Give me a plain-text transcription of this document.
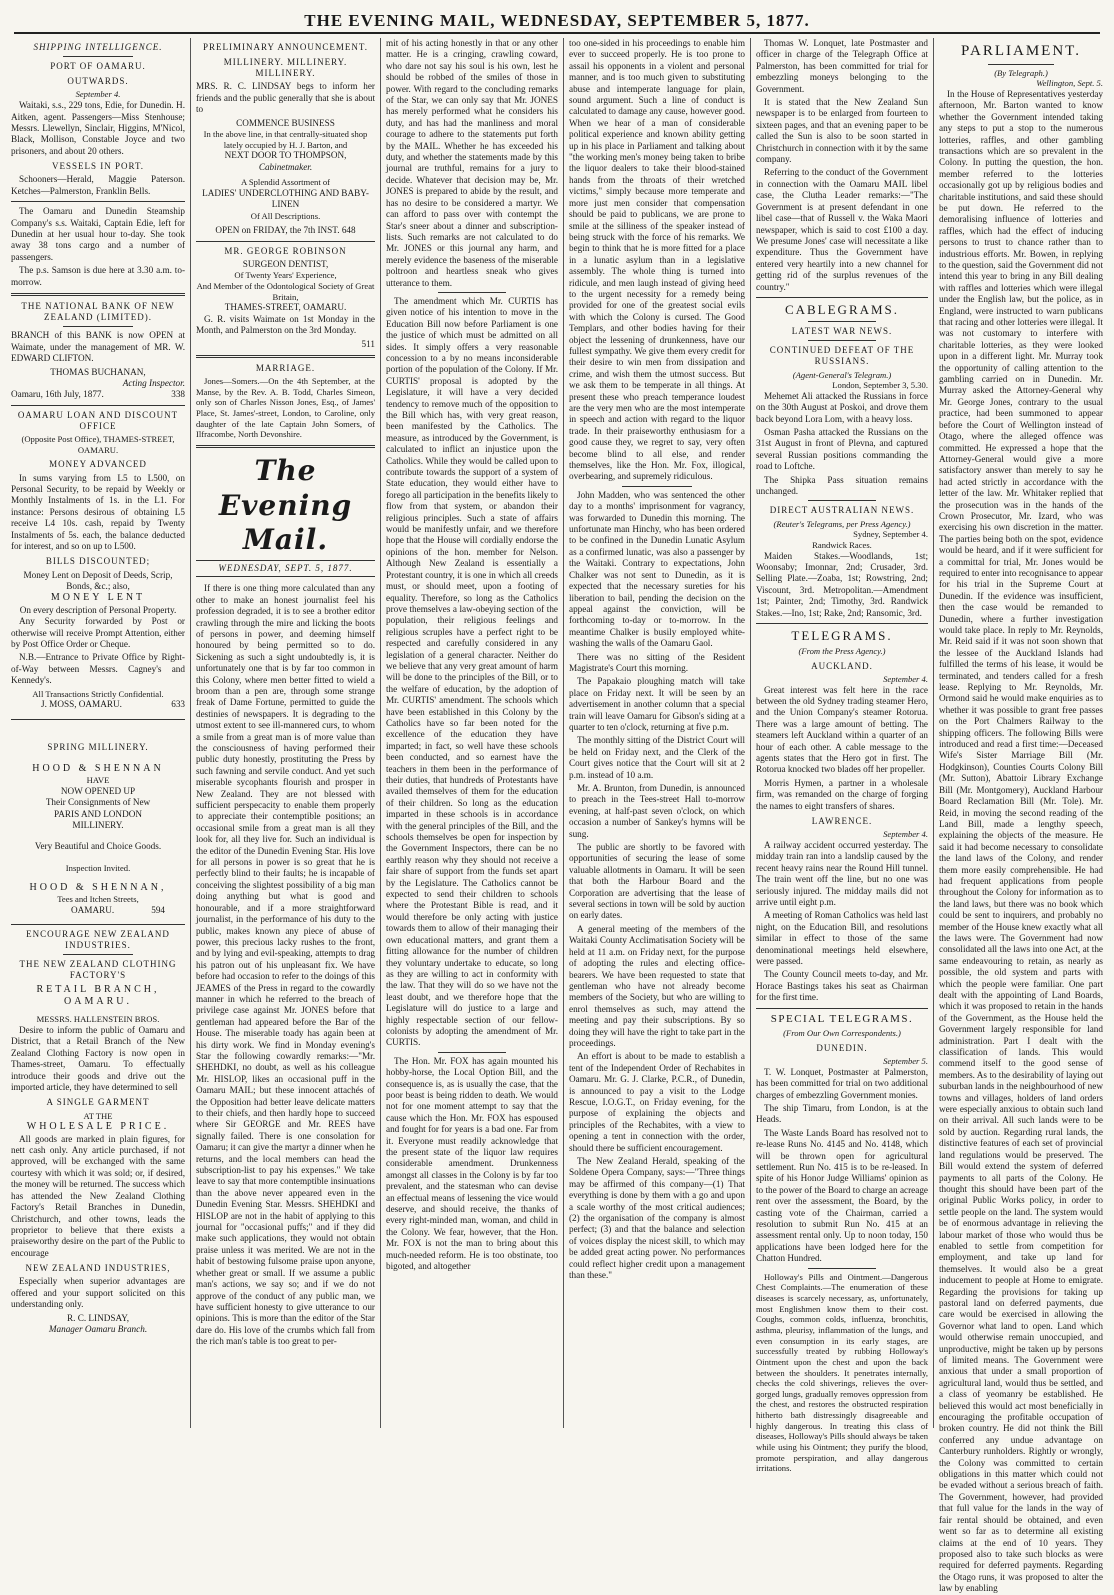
THE EVENING MAIL, WEDNESDAY, SEPTEMBER 5, 1877.
SHIPPING INTELLIGENCE.
PORT OF OAMARU.
OUTWARDS.
September 4.

Waitaki, s.s., 229 tons, Edie, for Dunedin. H. Aitken, agent. Passengers—Miss Stenhouse; Messrs. Llewellyn, Sinclair, Higgins, M'Nicol, Black, Mollison, Constable Joyce and two prisoners, and about 20 others.

VESSELS IN PORT.

Schooners—Herald, Maggie Paterson. Ketches—Palmerston, Franklin Bells.

The Oamaru and Dunedin Steamship Company's s.s. Waitaki, Captain Edie, left for Dunedin at her usual hour to-day. She took away 38 tons cargo and a number of passengers.

The p.s. Samson is due here at 3.30 a.m. to-morrow.

THE NATIONAL BANK OF NEW ZEALAND (LIMITED).

BRANCH of this BANK is now OPEN at Waimate, under the management of MR. W. EDWARD CLIFTON.

THOMAS BUCHANAN,
Acting Inspector.
Oamaru, 16th July, 1877.	338
OAMARU LOAN AND DISCOUNT OFFICE
(Opposite Post Office), THAMES-STREET, OAMARU.
MONEY ADVANCED

In sums varying from L5 to L500, on Personal Security, to be repaid by Weekly or Monthly Instalments of 1s. in the L1. For instance: Persons desirous of obtaining L5 receive L4 10s. cash, repaid by Twenty Instalments of 5s. each, the balance deducted for interest, and so on up to L500.

BILLS DISCOUNTED;
Money Lent on Deposit of Deeds, Scrip, Bonds, &c.; also,
MONEY LENT
On every description of Personal Property.

Any Security forwarded by Post or otherwise will receive Prompt Attention, either by Post Office Order or Cheque.

N.B.—Entrance to Private Office by Right-of-Way between Messrs. Cagney's and Kennedy's.

All Transactions Strictly Confidential.
J. MOSS, OAMARU.	633
SPRING MILLINERY.
HOOD & SHENNAN
HAVE
NOW OPENED UP
Their Consignments of New
PARIS AND LONDON
MILLINERY.
Very Beautiful and Choice Goods.
Inspection Invited.
HOOD & SHENNAN,
Tees and Itchen Streets,
OAMARU.	594
ENCOURAGE NEW ZEALAND INDUSTRIES.
THE NEW ZEALAND CLOTHING FACTORY'S
RETAIL BRANCH,
OAMARU.
MESSRS. HALLENSTEIN BROS.

Desire to inform the public of Oamaru and District, that a Retail Branch of the New Zealand Clothing Factory is now open in Thames-street, Oamaru. To effectually introduce their goods and drive out the imported article, they have determined to sell

A SINGLE GARMENT
AT THE
WHOLESALE PRICE.

All goods are marked in plain figures, for nett cash only. Any article purchased, if not approved, will be exchanged with the same courtesy with which it was sold; or, if desired, the money will be returned. The success which has attended the New Zealand Clothing Factory's Retail Branches in Dunedin, Christchurch, and other towns, leads the proprietor to believe that there exists a praiseworthy desire on the part of the Public to encourage

NEW ZEALAND INDUSTRIES,

Especially when superior advantages are offered and your support solicited on this understanding only.

R. C. LINDSAY,
Manager Oamaru Branch.
PRELIMINARY ANNOUNCEMENT.
MILLINERY. MILLINERY. MILLINERY.

MRS. R. C. LINDSAY begs to inform her friends and the public generally that she is about to

COMMENCE BUSINESS
In the above line, in that centrally-situated shop lately occupied by H. J. Barton, and
NEXT DOOR TO THOMPSON,
Cabinetmaker.
A Splendid Assortment of
LADIES' UNDERCLOTHING AND BABY-LINEN
Of All Descriptions.
OPEN on FRIDAY, the 7th INST. 648
MR. GEORGE ROBINSON
SURGEON DENTIST,
Of Twenty Years' Experience,
And Member of the Odontological Society of Great Britain,
THAMES-STREET, OAMARU.

G. R. visits Waimate on 1st Monday in the Month, and Palmerston on the 3rd Monday.

511
MARRIAGE.

Jones—Somers.—On the 4th September, at the Manse, by the Rev. A. B. Todd, Charles Simeon, only son of Charles Nisson Jones, Esq., of James' Place, St. James'-street, London, to Caroline, only daughter of the late Captain John Somers, of Ilfracombe, North Devonshire.

The Evening Mail.
WEDNESDAY, SEPT. 5, 1877.

If there is one thing more calculated than any other to make an honest journalist feel his profession degraded, it is to see a brother editor crawling through the mire and licking the boots of persons in power, and deeming himself honoured by being permitted so to do. Sickening as such a sight undoubtedly is, it is unfortunately one that is by far too common in this Colony, where men better fitted to wield a broom than a pen are, through some strange freak of Dame Fortune, permitted to guide the destinies of newspapers. It is degrading to the utmost extent to see ill-mannered curs, to whom a smile from a great man is of more value than the consciousness of having performed their public duty honestly, prostituting the Press by such fawning and servile conduct. And yet such miserable sycophants flourish and prosper in New Zealand. They are not blessed with sufficient perspecacity to enable them properly to appreciate their contemptible positions; an occasional smile from a great man is all they look for, all they live for. Such an individual is the editor of the Dunedin Evening Star. His love for all persons in power is so great that he is perfectly blind to their faults; he is incapable of conceiving the slightest possibility of a big man doing anything but what is good and honourable, and if a more straightforward journalist, in the performance of his duty to the public, makes known any piece of abuse of power, this precious lacky rushes to the front, and by lying and evil-speaking, attempts to drag his patron out of his unpleasant fix. We have before had occasion to refer to the doings of this JEAMES of the Press in regard to the cowardly manner in which he referred to the breach of privilege case against Mr. JONES before that gentleman had appeared before the Bar of the House. The miserable toady has again been at his dirty work. We find in Monday evening's Star the following cowardly remarks:—"Mr. SHEHDKI, no doubt, as well as his colleague Mr. HISLOP, likes an occasional puff in the Oamaru MAIL; but these innocent attachés of the Opposition had better leave delicate matters to their chiefs, and then hardly hope to succeed where Sir GEORGE and Mr. REES have signally failed. There is one consolation for Oamaru; it can give the martyr a dinner when he returns, and the local members can head the subscription-list to pay his expenses." We take leave to say that more contemptible insinuations than the above never appeared even in the Dunedin Evening Star. Messrs. SHEHDKI and HISLOP are not in the habit of applying to this journal for "occasional puffs;" and if they did make such applications, they would not obtain praise unless it was merited. We are not in the habit of bestowing fulsome praise upon anyone, whether great or small. If we assume a public man's actions, we say so; and if we do not approve of the conduct of any public man, we have sufficient honesty to give utterance to our opinions. This is more than the editor of the Star dare do. His love of the crumbs which fall from the rich man's table is too great to per-

mit of his acting honestly in that or any other matter. He is a cringing, crawling coward, who dare not say his soul is his own, lest he should be robbed of the smiles of those in power. With regard to the concluding remarks of the Star, we can only say that Mr. JONES has merely performed what he considers his duty, and has had the manliness and moral courage to adhere to the statements put forth by the MAIL. Whether he has exceeded his duty, and whether the statements made by this journal are truthful, remains for a jury to decide. Whatever that decision may be, Mr. JONES is prepared to abide by the result, and has no desire to be considered a martyr. We can afford to pass over with contempt the Star's sneer about a dinner and subscription-lists. Such remarks are not calculated to do Mr. JONES or this journal any harm, and merely evidence the baseness of the miserable poltroon and heartless sneak who gives utterance to them.

The amendment which Mr. CURTIS has given notice of his intention to move in the Education Bill now before Parliament is one the justice of which must be admitted on all sides. It simply offers a very reasonable concession to a by no means inconsiderable portion of the population of the Colony. If Mr. CURTIS' proposal is adopted by the Legislature, it will have a very decided tendency to remove much of the opposition to the Bill which has, with very great reason, been manifested by the Catholics. The measure, as introduced by the Government, is calculated to inflict an injustice upon the Catholics. While they would be called upon to contribute towards the support of a system of State education, they would either have to forego all participation in the benefits likely to flow from that system, or abandon their religious principles. Such a state of affairs would be manifestly unfair, and we therefore hope that the House will cordially endorse the opinions of the hon. member for Nelson. Although New Zealand is essentially a Protestant country, it is one in which all creeds must, or should meet, upon a footing of equality. Therefore, so long as the Catholics prove themselves a law-obeying section of the population, their religious feelings and religious scruples have a perfect right to be respected and carefully considered in any legislation of a general character. Neither do we believe that any very great amount of harm will be done to the principles of the Bill, or to the welfare of education, by the adoption of Mr. CURTIS' amendment. The schools which have been established in this Colony by the Catholics have so far been noted for the excellence of the education they have imparted; in fact, so well have these schools been conducted, and so earnest have the teachers in them been in the performance of their duties, that hundreds of Protestants have availed themselves of them for the education of their children. So long as the education imparted in these schools is in accordance with the general principles of the Bill, and the schools themselves be open for inspection by the Government Inspectors, there can be no earthly reason why they should not receive a fair share of support from the funds set apart by the Legislature. The Catholics cannot be expected to send their children to schools where the Protestant Bible is read, and it would therefore be only acting with justice towards them to allow of their managing their own educational matters, and grant them a fitting allowance for the number of children they voluntary undertake to educate, so long as they are willing to act in conformity with the law. That they will do so we have not the least doubt, and we therefore hope that the Legislature will do justice to a large and highly respectable section of our fellow-colonists by adopting the amendment of Mr. CURTIS.

The Hon. Mr. FOX has again mounted his hobby-horse, the Local Option Bill, and the consequence is, as is usually the case, that the poor beast is being ridden to death. We would not for one moment attempt to say that the cause which the Hon. Mr. FOX has espoused and fought for for years is a bad one. Far from it. Everyone must readily acknowledge that the present state of the liquor law requires considerable amendment. Drunkenness amongst all classes in the Colony is by far too prevalent, and the statesman who can devise an effectual means of lessening the vice would deserve, and should receive, the thanks of every right-minded man, woman, and child in the Colony. We fear, however, that the Hon. Mr. FOX is not the man to bring about this much-needed reform. He is too obstinate, too bigoted, and altogether

too one-sided in his proceedings to enable him ever to succeed properly. He is too prone to assail his opponents in a violent and personal manner, and is too much given to substituting abuse and intemperate language for plain, sound argument. Such a line of conduct is calculated to damage any cause, however good. When we hear of a man of considerable political experience and known ability getting up in his place in Parliament and talking about "the working men's money being taken to bribe the liquor dealers to take their blood-stained hands from the throats of their wretched victims," simply because more temperate and more just men consider that compensation should be paid to publicans, we are prone to smile at the silliness of the speaker instead of being struck with the force of his remarks. We begin to think that he is more fitted for a place in a lunatic asylum than in a legislative assembly. The whole thing is turned into ridicule, and men laugh instead of giving heed to the urgent necessity for a remedy being provided for one of the greatest social evils with which the Colony is cursed. The Good Templars, and other bodies having for their object the lessening of drunkenness, have our fullest sympathy. We give them every credit for their desire to win men from dissipation and crime, and wish them the utmost success. But we ask them to be temperate in all things. At present these who preach temperance loudest are the very men who are the most intemperate in speech and action with regard to the liquor trade. In their praiseworthy enthusiasm for a good cause they, we regret to say, very often become blind to all else, and render themselves, like the Hon. Mr. Fox, illogical, overbearing, and supremely ridiculous.

John Madden, who was sentenced the other day to a months' imprisonment for vagrancy, was forwarded to Dunedin this morning. The unfortunate man Hinchy, who has been ordered to be confined in the Dunedin Lunatic Asylum as a confirmed lunatic, was also a passenger by the Waitaki. Contrary to expectations, John Chalker was not sent to Dunedin, as it is expected that the necessary sureties for his liberation to bail, pending the decision on the appeal against the conviction, will be forthcoming to-day or to-morrow. In the meantime Chalker is busily employed white-washing the walls of the Oamaru Gaol.

There was no sitting of the Resident Magistrate's Court this morning.

The Papakaio ploughing match will take place on Friday next. It will be seen by an advertisement in another column that a special train will leave Oamaru for Gibson's siding at a quarter to ten o'clock, returning at five p.m.

The monthly sitting of the District Court will be held on Friday next, and the Clerk of the Court gives notice that the Court will sit at 2 p.m. instead of 10 a.m.

Mr. A. Brunton, from Dunedin, is announced to preach in the Tees-street Hall to-morrow evening, at half-past seven o'clock, on which occasion a number of Sankey's hymns will be sung.

The public are shortly to be favored with opportunities of securing the lease of some valuable allotments in Oamaru. It will be seen that both the Harbour Board and the Corporation are advertising that the lease of several sections in town will be sold by auction on early dates.

A general meeting of the members of the Waitaki County Acclimatisation Society will be held at 11 a.m. on Friday next, for the purpose of adopting the rules and electing office-bearers. We have been requested to state that gentleman who have not already become members of the Society, but who are willing to enrol themselves as such, may attend the meeting and pay their subscriptions. By so doing they will have the right to take part in the proceedings.

An effort is about to be made to establish a tent of the Independent Order of Rechabites in Oamaru. Mr. G. J. Clarke, P.C.R., of Dunedin, is announced to pay a visit to the Lodge Rescue, I.O.G.T., on Friday evening, for the purpose of explaining the objects and principles of the Rechabites, with a view to opening a tent in connection with the order, should there be sufficient encouragement.

The New Zealand Herald, speaking of the Soldene Opera Company, says:—"Three things may be affirmed of this company—(1) That everything is done by them with a go and upon a scale worthy of the most critical audiences; (2) the organisation of the company is almost perfect; (3) and that the balance and selection of voices display the nicest skill, to which may be added great acting power. No performances could reflect higher credit upon a management than these."

Thomas W. Lonquet, late Postmaster and officer in charge of the Telegraph Office at Palmerston, has been committed for trial for embezzling moneys belonging to the Government.

It is stated that the New Zealand Sun newspaper is to be enlarged from fourteen to sixteen pages, and that an evening paper to be called the Sun is also to be soon started in Christchurch in connection with it by the same company.

Referring to the conduct of the Government in connection with the Oamaru MAIL libel case, the Clutha Leader remarks:—"The Government is at present defendant in one libel case—that of Russell v. the Waka Maori newspaper, which is said to cost £100 a day. We presume Jones' case will necessitate a like expenditure. Thus the Government have entered very heartily into a new channel for getting rid of the surplus revenues of the country."

CABLEGRAMS.
LATEST WAR NEWS.
CONTINUED DEFEAT OF THE RUSSIANS.
(Agent-General's Telegram.)
London, September 3, 5.30.

Mehemet Ali attacked the Russians in force on the 30th August at Poskoi, and drove them back beyond Lora Lom, with a heavy loss.

Osman Pasha attacked the Russians on the 31st August in front of Plevna, and captured several Russian positions commanding the road to Loftche.

The Shipka Pass situation remains unchanged.

DIRECT AUSTRALIAN NEWS.
(Reuter's Telegrams, per Press Agency.)
Sydney, September 4.
Randwick Races.

Maiden Stakes.—Woodlands, 1st; Woonsaby; Imonnar, 2nd; Crusader, 3rd. Selling Plate.—Zoaba, 1st; Rowstring, 2nd; Viscount, 3rd. Metropolitan.—Amendment 1st; Painter, 2nd; Timothy, 3rd. Randwick Stakes.—Ino, 1st; Rake, 2nd; Ransomic, 3rd.

TELEGRAMS.
(From the Press Agency.)
AUCKLAND.
September 4.

Great interest was felt here in the race between the old Sydney trading steamer Hero, and the Union Company's steamer Rotorua. There was a large amount of betting. The steamers left Auckland within a quarter of an hour of each other. A cable message to the agents states that the Hero got in first. The Rotorua knocked two blades off her propeller.

Morris Hymen, a partner in a wholesale firm, was remanded on the charge of forging the names to eight transfers of shares.

LAWRENCE.
September 4.

A railway accident occurred yesterday. The midday train ran into a landslip caused by the recent heavy rains near the Round Hill tunnel. The train went off the line, but no one was seriously injured. The midday mails did not arrive until eight p.m.

A meeting of Roman Catholics was held last night, on the Education Bill, and resolutions similar in effect to those of the same denominational meetings held elsewhere, were passed.

The County Council meets to-day, and Mr. Horace Bastings takes his seat as Chairman for the first time.

SPECIAL TELEGRAMS.
(From Our Own Correspondents.)
DUNEDIN.
September 5.

T. W. Lonquet, Postmaster at Palmerston, has been committed for trial on two additional charges of embezzling Government monies.

The ship Timaru, from London, is at the Heads.

The Waste Lands Board has resolved not to re-lease Runs No. 4145 and No. 4148, which will be thrown open for agricultural settlement. Run No. 415 is to be re-leased. In spite of his Honor Judge Williams' opinion as to the power of the Board to charge an acreage rent over the assessment, the Board, by the casting vote of the Chairman, carried a resolution to submit Run No. 415 at an assessment rental only. Up to noon today, 150 applications have been lodged here for the Chatton Hundred.

Holloway's Pills and Ointment.—Dangerous Chest Complaints.—The enumeration of these diseases is scarcely necessary, as, unfortunately, most Englishmen know them to their cost. Coughs, common colds, influenza, bronchitis, asthma, pleurisy, inflammation of the lungs, and even consumption in its early stages, are successfully treated by rubbing Holloway's Ointment upon the chest and upon the back between the shoulders. It penetrates internally, checks the cold shiverings, relieves the over-gorged lungs, gradually removes oppression from the chest, and restores the obstructed respiration hitherto bath distressingly disagreeable and highly dangerous. In treating this class of diseases, Holloway's Pills should always be taken while using his Ointment; they purify the blood, promote perspiration, and allay dangerous irritations.

PARLIAMENT.
(By Telegraph.)
Wellington, Sept. 5.

In the House of Representatives yesterday afternoon, Mr. Barton wanted to know whether the Government intended taking any steps to put a stop to the numerous lotteries, raffles, and other gambling transactions which are so prevalent in the Colony. In putting the question, the hon. member referred to the lotteries occasionally got up by religious bodies and charitable institutions, and said these should be put down. He referred to the demoralising influence of lotteries and raffles, which had the effect of inducing persons to trust to chance rather than to industrious efforts. Mr. Bowen, in replying to the question, said the Government did not intend this year to bring in any Bill dealing with raffles and lotteries which were illegal under the English law, but the police, as in England, were instructed to warn publicans that racing and other lotteries were illegal. It was not customary to interfere with charitable lotteries, as they were looked upon in a different light. Mr. Murray took the opportunity of calling attention to the gambling carried on in Dunedin. Mr. Murray asked the Attorney-General why Mr. George Jones, contrary to the usual practice, had been summoned to appear before the Court of Wellington instead of Otago, where the alleged offence was committed. He expressed a hope that the Attorney-General would give a more satisfactory answer than merely to say he had acted strictly in accordance with the letter of the law. Mr. Whitaker replied that the prosecution was in the hands of the Crown Prosecutor, Mr. Izard, who was exercising his own discretion in the matter. The parties being both on the spot, evidence would be heard, and if it were sufficient for a committal for trial, Mr. Jones would be required to enter into recognisance to appear for his trial in the Supreme Court at Dunedin. If the evidence was insufficient, then the case would be remanded to Dunedin, where a further investigation would take place. In reply to Mr. Reynolds, Mr. Reid said if it was not soon shown that the lessee of the Auckland Islands had fulfilled the terms of his lease, it would be terminated, and tenders called for a fresh lease. Replying to Mr. Reynolds, Mr. Ormond said he would make enquiries as to whether it was possible to grant free passes on the Port Chalmers Railway to the shipping officers. The following Bills were introduced and read a first time:—Deceased Wife's Sister Marriage Bill (Mr. Hodgkinson), Counties Courts Colony Bill (Mr. Sutton), Abattoir Library Exchange Bill (Mr. Montgomery), Auckland Harbour Board Reclamation Bill (Mr. Tole). Mr. Reid, in moving the second reading of the Land Bill, made a lengthy speech, explaining the objects of the measure. He said it had become necessary to consolidate the land laws of the Colony, and render them more easily comprehensible. He had had frequent applications from people throughout the Colony for information as to the land laws, but there was no book which could be sent to inquirers, and probably no member of the House knew exactly what all the laws were. The Government had now consolidated all the laws into one Act, at the same endeavouring to retain, as nearly as possible, the old system and parts with which the people were familiar. One part dealt with the appointing of Land Boards, which it was proposed to retain in the hands of the Government, as the House held the Government largely responsible for land administration. Part I dealt with the classification of lands. This would commend itself to the good sense of members. As to the desirability of laying out suburban lands in the neighbourhood of new towns and villages, holders of land orders were especially anxious to obtain such land on their arrival. All such lands were to be sold by auction. Regarding rural lands, the distinctive features of each set of provincial land regulations would be preserved. The Bill would extend the system of deferred payments to all parts of the Colony. He thought this should have been part of the original Public Works policy, in order to settle people on the land. The system would be of enormous advantage in relieving the labour market of those who would thus be enabled to settle from competition for employment, and take up land for themselves. It would also be a great inducement to people at Home to emigrate. Regarding the provisions for taking up pastoral land on deferred payments, due care would be exercised in allowing the Governor what land to open. Land which would otherwise remain unoccupied, and unproductive, might be taken up by persons of limited means. The Government were anxious that under a small proportion of agricultural land, would thus be settled, and a class of yeomanry be established. He believed this would act most beneficially in encouraging the profitable occupation of broken country. He did not think the Bill conferred any undue advantage on Canterbury runholders. Rightly or wrongly, the Colony was committed to certain obligations in this matter which could not be evaded without a serious breach of faith. The Government, however, had provided that full value for the lands in the way of fair rental should be obtained, and even went so far as to determine all existing claims at the end of 10 years. They proposed also to take such blocks as were required for deferred payments. Regarding the Otago runs, it was proposed to alter the law by enabling
